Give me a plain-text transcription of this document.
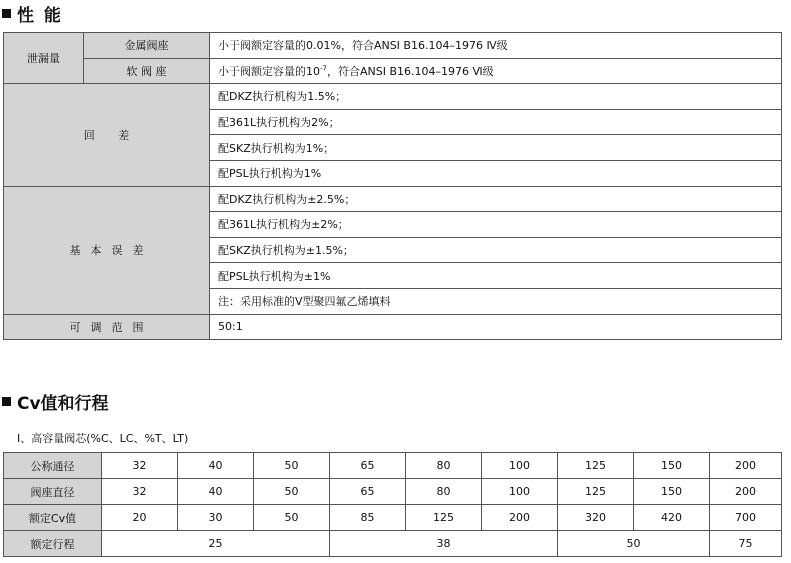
性 能
泄漏量	金属阀座	小于阀额定容量的0.01%，符合ANSI B16.104–1976 Ⅳ级
	软 阀 座	小于阀额定容量的$10^{-7}$，符合ANSI B16.104–1976 Ⅵ级
回 差		配DKZ执行机构为1.5%；
		配361L执行机构为2%；
		配SKZ执行机构为1%；
		配PSL执行机构为1%
基本误差		配DKZ执行机构为±2.5%；
		配361L执行机构为±2%；
		配SKZ执行机构为±1.5%；
		配PSL执行机构为±1%
		注：采用标准的V型聚四氟乙烯填料
可调范围		50:1
Cv值和行程
Ⅰ、高容量阀芯(%C、LC、%T、LT)
公称通径	32	40	50	65	80	100	125	150	200
阀座直径	32	40	50	65	80	100	125	150	200
额定Cv值	20	30	50	85	125	200	320	420	700
额定行程	25			38			50		75
